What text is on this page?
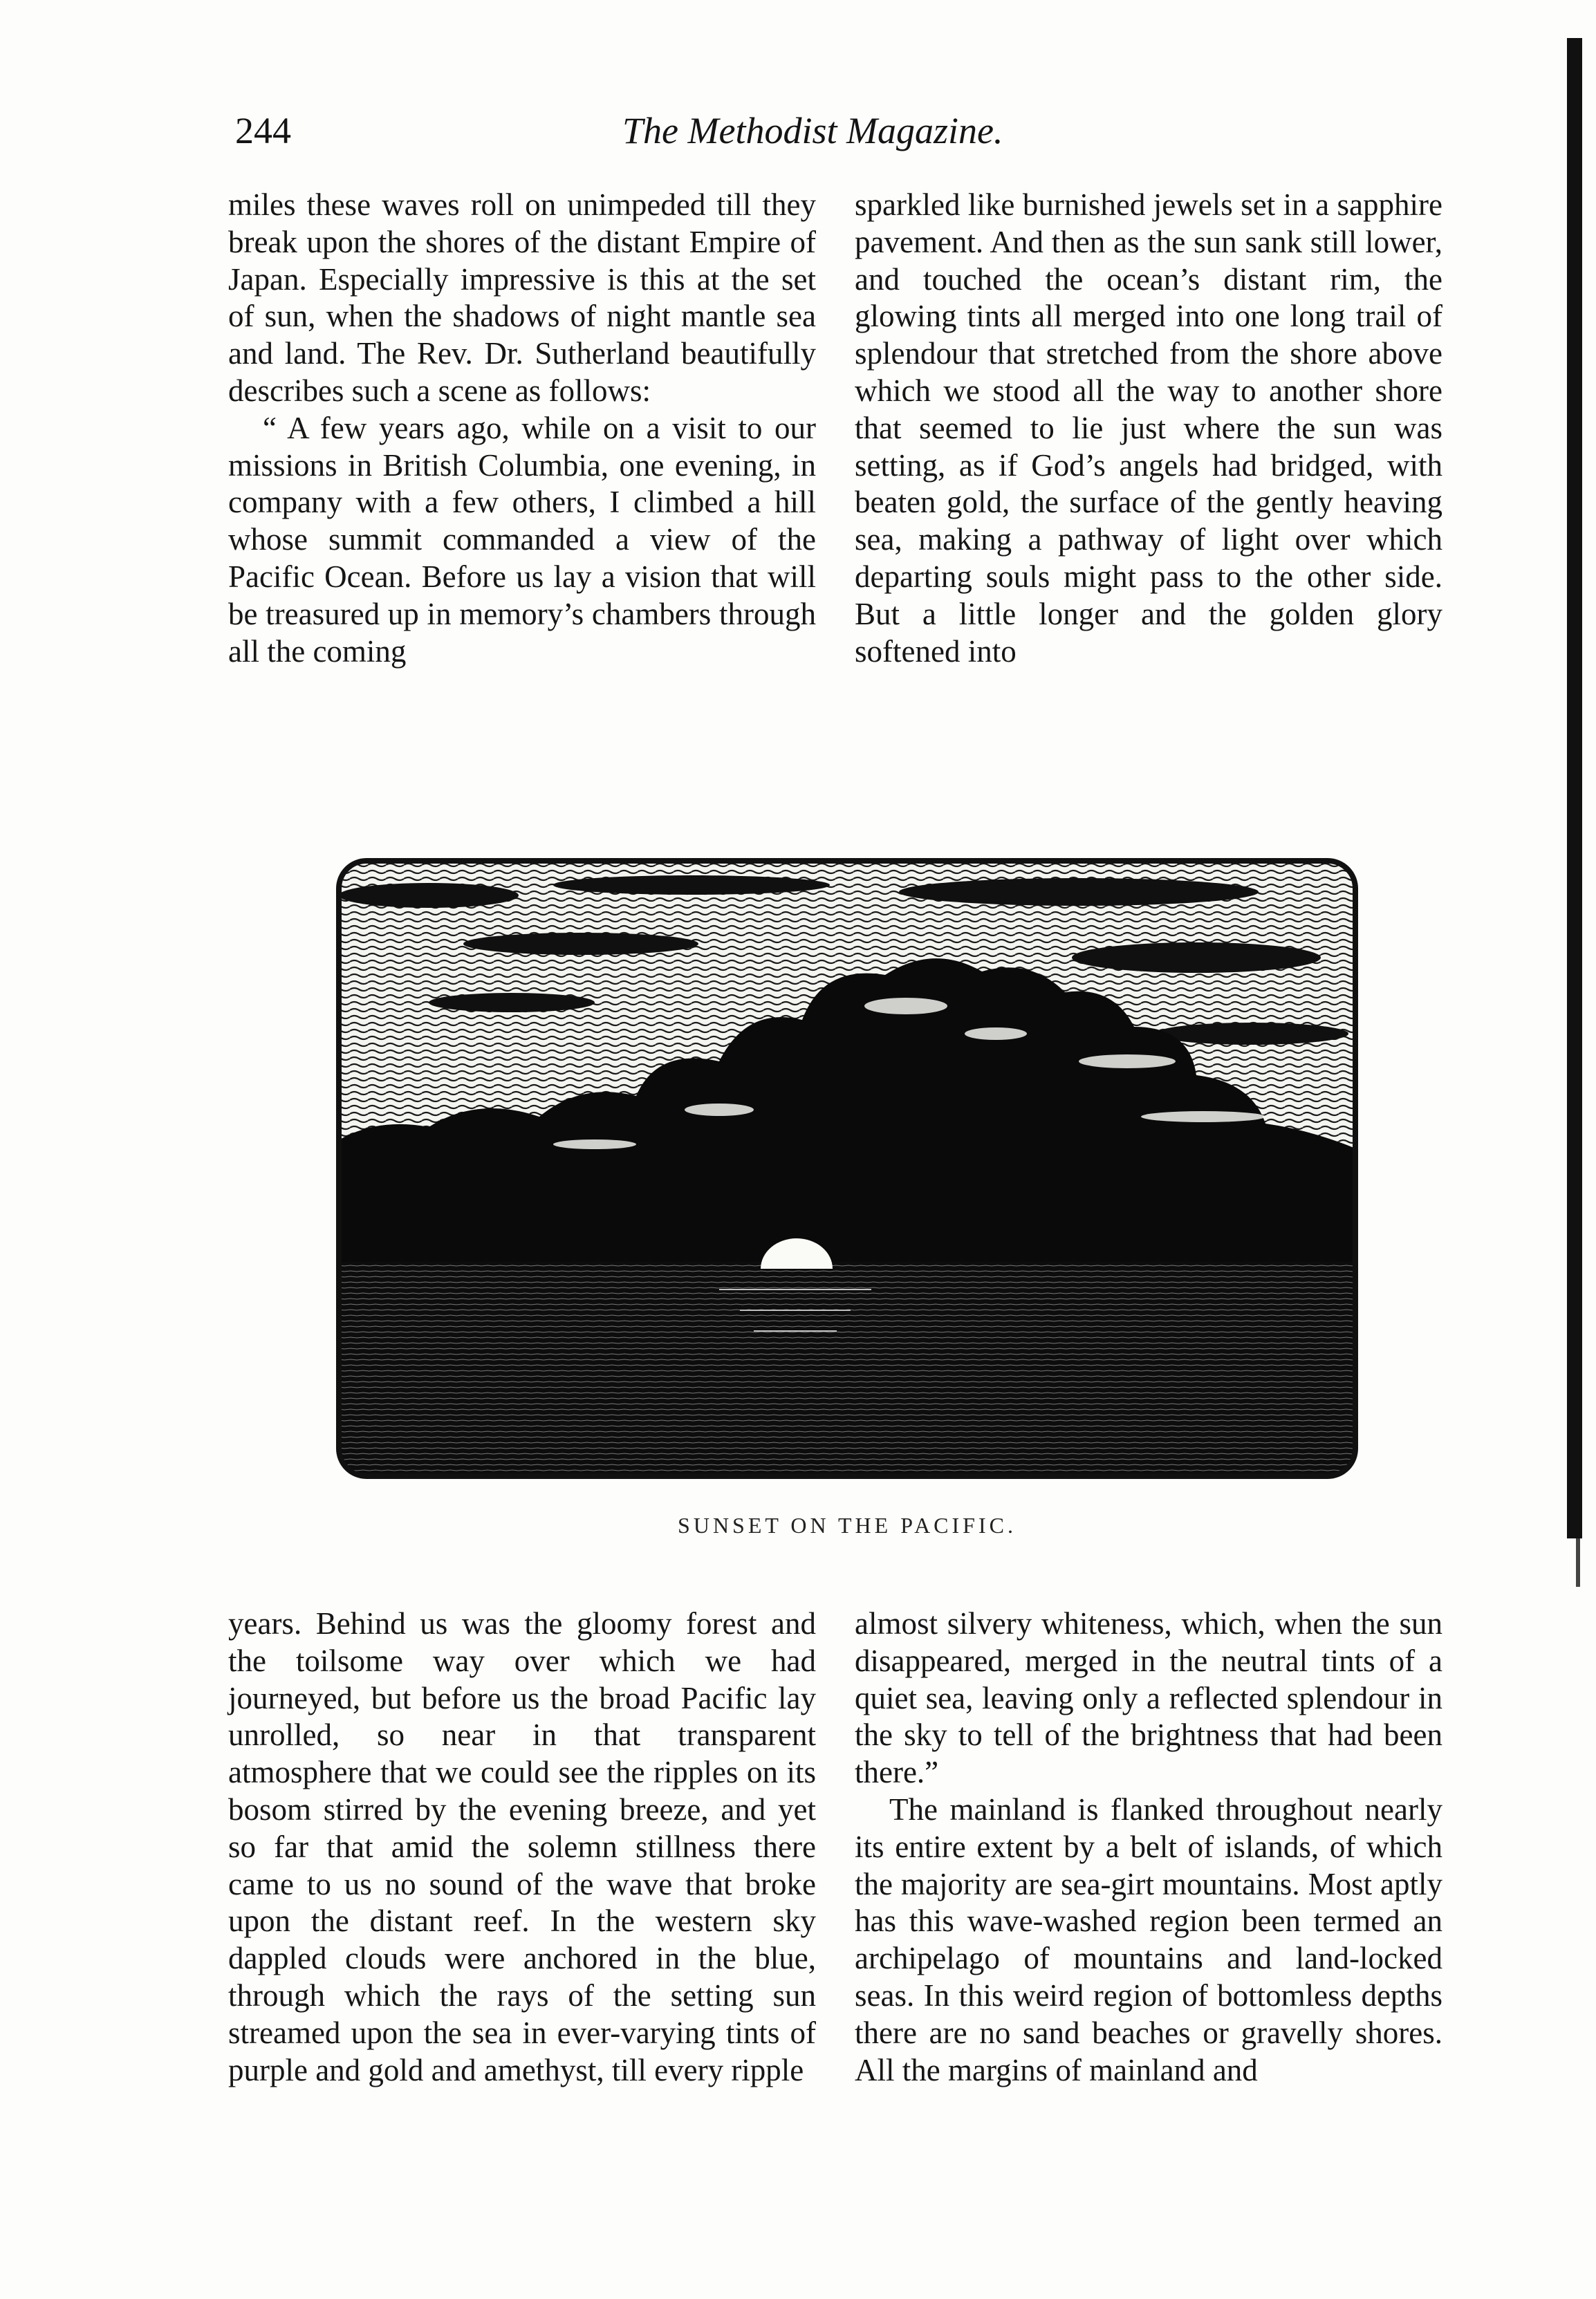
244	The Methodist Magazine.

miles these waves roll on unimpeded till they break upon the shores of the distant Empire of Japan. Especially impressive is this at the set of sun, when the shadows of night mantle sea and land. The Rev. Dr. Sutherland beautifully describes such a scene as follows:

“ A few years ago, while on a visit to our missions in British Columbia, one evening, in company with a few others, I climbed a hill whose summit commanded a view of the Pacific Ocean. Before us lay a vision that will be treasured up in memory’s chambers through all the coming

sparkled like burnished jewels set in a sapphire pavement. And then as the sun sank still lower, and touched the ocean’s distant rim, the glowing tints all merged into one long trail of splendour that stretched from the shore above which we stood all the way to another shore that seemed to lie just where the sun was setting, as if God’s angels had bridged, with beaten gold, the surface of the gently heaving sea, making a pathway of light over which departing souls might pass to the other side. But a little longer and the golden glory softened into

SUNSET ON THE PACIFIC.

years. Behind us was the gloomy forest and the toilsome way over which we had journeyed, but before us the broad Pacific lay unrolled, so near in that transparent atmosphere that we could see the ripples on its bosom stirred by the evening breeze, and yet so far that amid the solemn stillness there came to us no sound of the wave that broke upon the distant reef. In the western sky dappled clouds were anchored in the blue, through which the rays of the setting sun streamed upon the sea in ever-varying tints of purple and gold and amethyst, till every ripple

almost silvery whiteness, which, when the sun disappeared, merged in the neutral tints of a quiet sea, leaving only a reflected splendour in the sky to tell of the brightness that had been there.”

The mainland is flanked throughout nearly its entire extent by a belt of islands, of which the majority are sea-girt mountains. Most aptly has this wave-washed region been termed an archipelago of mountains and land-locked seas. In this weird region of bottomless depths there are no sand beaches or gravelly shores. All the margins of mainland and
